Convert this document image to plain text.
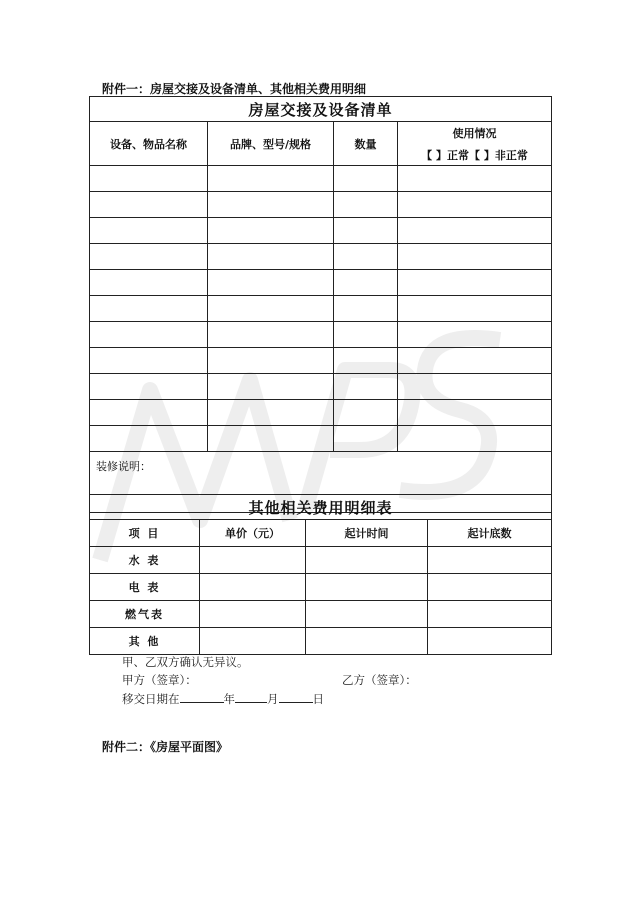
附件一：房屋交接及设备清单、其他相关费用明细
房屋交接及设备清单			
设备、物品名称	品牌、型号/规格	数量	使用情况
【 】正常【 】非正常

装修说明：			
其他相关费用明细表			
项 目	单价（元）	起计时间	起计底数
水 表			
电 表			
燃气表			
其 他			
甲、乙双方确认无异议。
甲方（签章）：	乙方（签章）：
移交日期在	年	月	日
附件二：《房屋平面图》
